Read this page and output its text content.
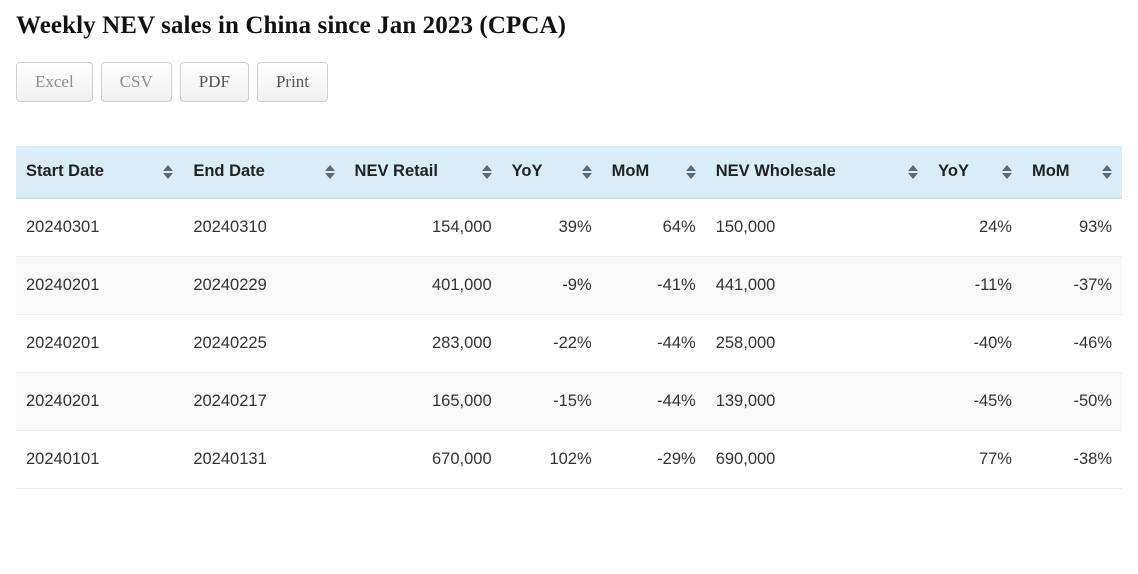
Weekly NEV sales in China since Jan 2023 (CPCA)
Excel	CSV	PDF	Print
Start Date	End Date	NEV Retail	YoY	MoM	NEV Wholesale	YoY	MoM

20240301	20240310	154,000	39%	64%	150,000	24%	93%
20240201	20240229	401,000	-9%	-41%	441,000	-11%	-37%
20240201	20240225	283,000	-22%	-44%	258,000	-40%	-46%
20240201	20240217	165,000	-15%	-44%	139,000	-45%	-50%
20240101	20240131	670,000	102%	-29%	690,000	77%	-38%
